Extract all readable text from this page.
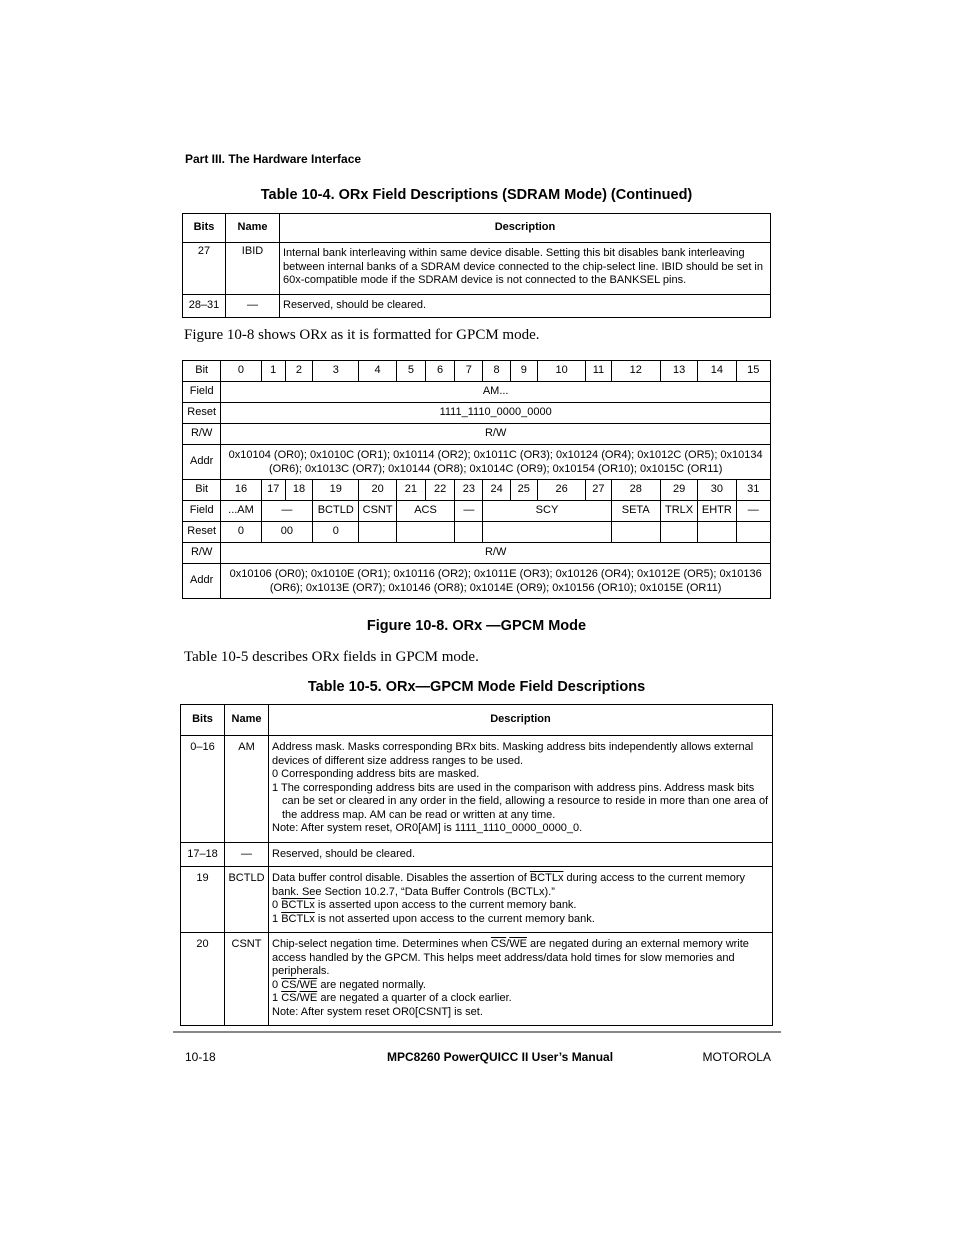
Part III. The Hardware Interface
Table 10-4. ORx Field Descriptions (SDRAM Mode) (Continued)
Bits	Name	Description
27	IBID	Internal bank interleaving within same device disable. Setting this bit disables bank interleaving between internal banks of a SDRAM device connected to the chip-select line. IBID should be set in 60x-compatible mode if the SDRAM device is not connected to the BANKSEL pins.
28–31	—	Reserved, should be cleared.
Figure 10-8 shows ORx as it is formatted for GPCM mode.
Bit	0	1	2	3	4	5	6	7	8	9	10	11	12	13	14	15
Field	AM...															
Reset	1111_1110_0000_0000															
R/W	R/W															
Addr	0x10104 (OR0); 0x1010C (OR1); 0x10114 (OR2); 0x1011C (OR3); 0x10124 (OR4); 0x1012C (OR5); 0x10134 (OR6); 0x1013C (OR7); 0x10144 (OR8); 0x1014C (OR9); 0x10154 (OR10); 0x1015C (OR11)															
Bit	16	17	18	19	20	21	22	23	24	25	26	27	28	29	30	31
Field	...AM	—		BCTLD	CSNT	ACS		—	SCY				SETA	TRLX	EHTR	—
Reset	0	00		0												
R/W	R/W															
Addr	0x10106 (OR0); 0x1010E (OR1); 0x10116 (OR2); 0x1011E (OR3); 0x10126 (OR4); 0x1012E (OR5); 0x10136 (OR6); 0x1013E (OR7); 0x10146 (OR8); 0x1014E (OR9); 0x10156 (OR10); 0x1015E (OR11)															
Figure 10-8. ORx —GPCM Mode
Table 10-5 describes ORx fields in GPCM mode.
Table 10-5. ORx—GPCM Mode Field Descriptions
Bits	Name	Description
0–16	AM	Address mask. Masks corresponding BRx bits. Masking address bits independently allows external devices of different size address ranges to be used.
0 Corresponding address bits are masked.
1 The corresponding address bits are used in the comparison with address pins. Address mask bits can be set or cleared in any order in the field, allowing a resource to reside in more than one area of the address map. AM can be read or written at any time.
Note: After system reset, OR0[AM] is 1111_1110_0000_0000_0.

17–18	—	Reserved, should be cleared.
19	BCTLD	Data buffer control disable. Disables the assertion of BCTLx during access to the current memory bank. See Section 10.2.7, “Data Buffer Controls (BCTLx).”
0 BCTLx is asserted upon access to the current memory bank.
1 BCTLx is not asserted upon access to the current memory bank.

20	CSNT	Chip-select negation time. Determines when $\overline{CS}/\overline{WE}$ are negated during an external memory write access handled by the GPCM. This helps meet address/data hold times for slow memories and peripherals.
0 $\overline{CS}/\overline{WE}$ are negated normally.
1 $\overline{CS}/\overline{WE}$ are negated a quarter of a clock earlier.
Note: After system reset OR0[CSNT] is set.
10-18	MPC8260 PowerQUICC II User’s Manual	MOTOROLA
